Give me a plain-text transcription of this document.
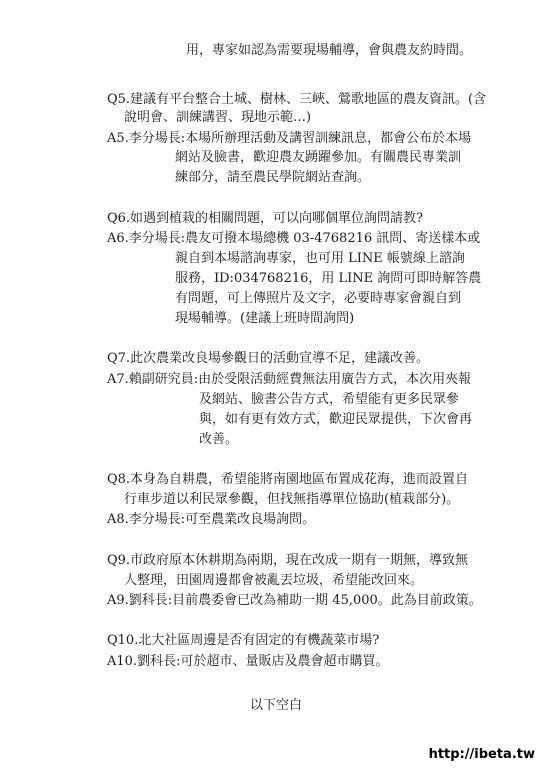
用，專家如認為需要現場輔導，會與農友約時間。
Q5.建議有平台整合土城、樹林、三峽、鶯歌地區的農友資訊。(含
說明會、訓練講習、現地示範…)
A5.李分場長:本場所辦理活動及講習訓練訊息，都會公布於本場
網站及臉書，歡迎農友踴躍參加。有關農民專業訓
練部分，請至農民學院網站查詢。
Q6.如遇到植栽的相關問題，可以向哪個單位詢問請教?
A6.李分場長:農友可撥本場總機 03-4768216 訊問、寄送樣本或
親自到本場諮詢專家，也可用 LINE 帳號線上諮詢
服務，ID:034768216，用 LINE 詢問可即時解答農
有問題，可上傳照片及文字，必要時專家會親自到
現場輔導。(建議上班時間詢問)
Q7.此次農業改良場參觀日的活動宣導不足，建議改善。
A7.賴副研究員:由於受限活動經費無法用廣告方式，本次用夾報
及網站、臉書公告方式，希望能有更多民眾參
與，如有更有效方式，歡迎民眾提供，下次會再
改善。
Q8.本身為自耕農，希望能將南園地區布置成花海，進而設置自
行車步道以利民眾參觀，但找無指導單位協助(植栽部分)。
A8.李分場長:可至農業改良場詢問。
Q9.市政府原本休耕期為兩期，現在改成一期有一期無，導致無
人整理，田園周邊都會被亂丟垃圾，希望能改回來。
A9.劉科長:目前農委會已改為補助一期 45,000。此為目前政策。
Q10.北大社區周邊是否有固定的有機蔬菜市場?
A10.劉科長:可於超市、量販店及農會超市購買。
以下空白
http://ibeta.tw
